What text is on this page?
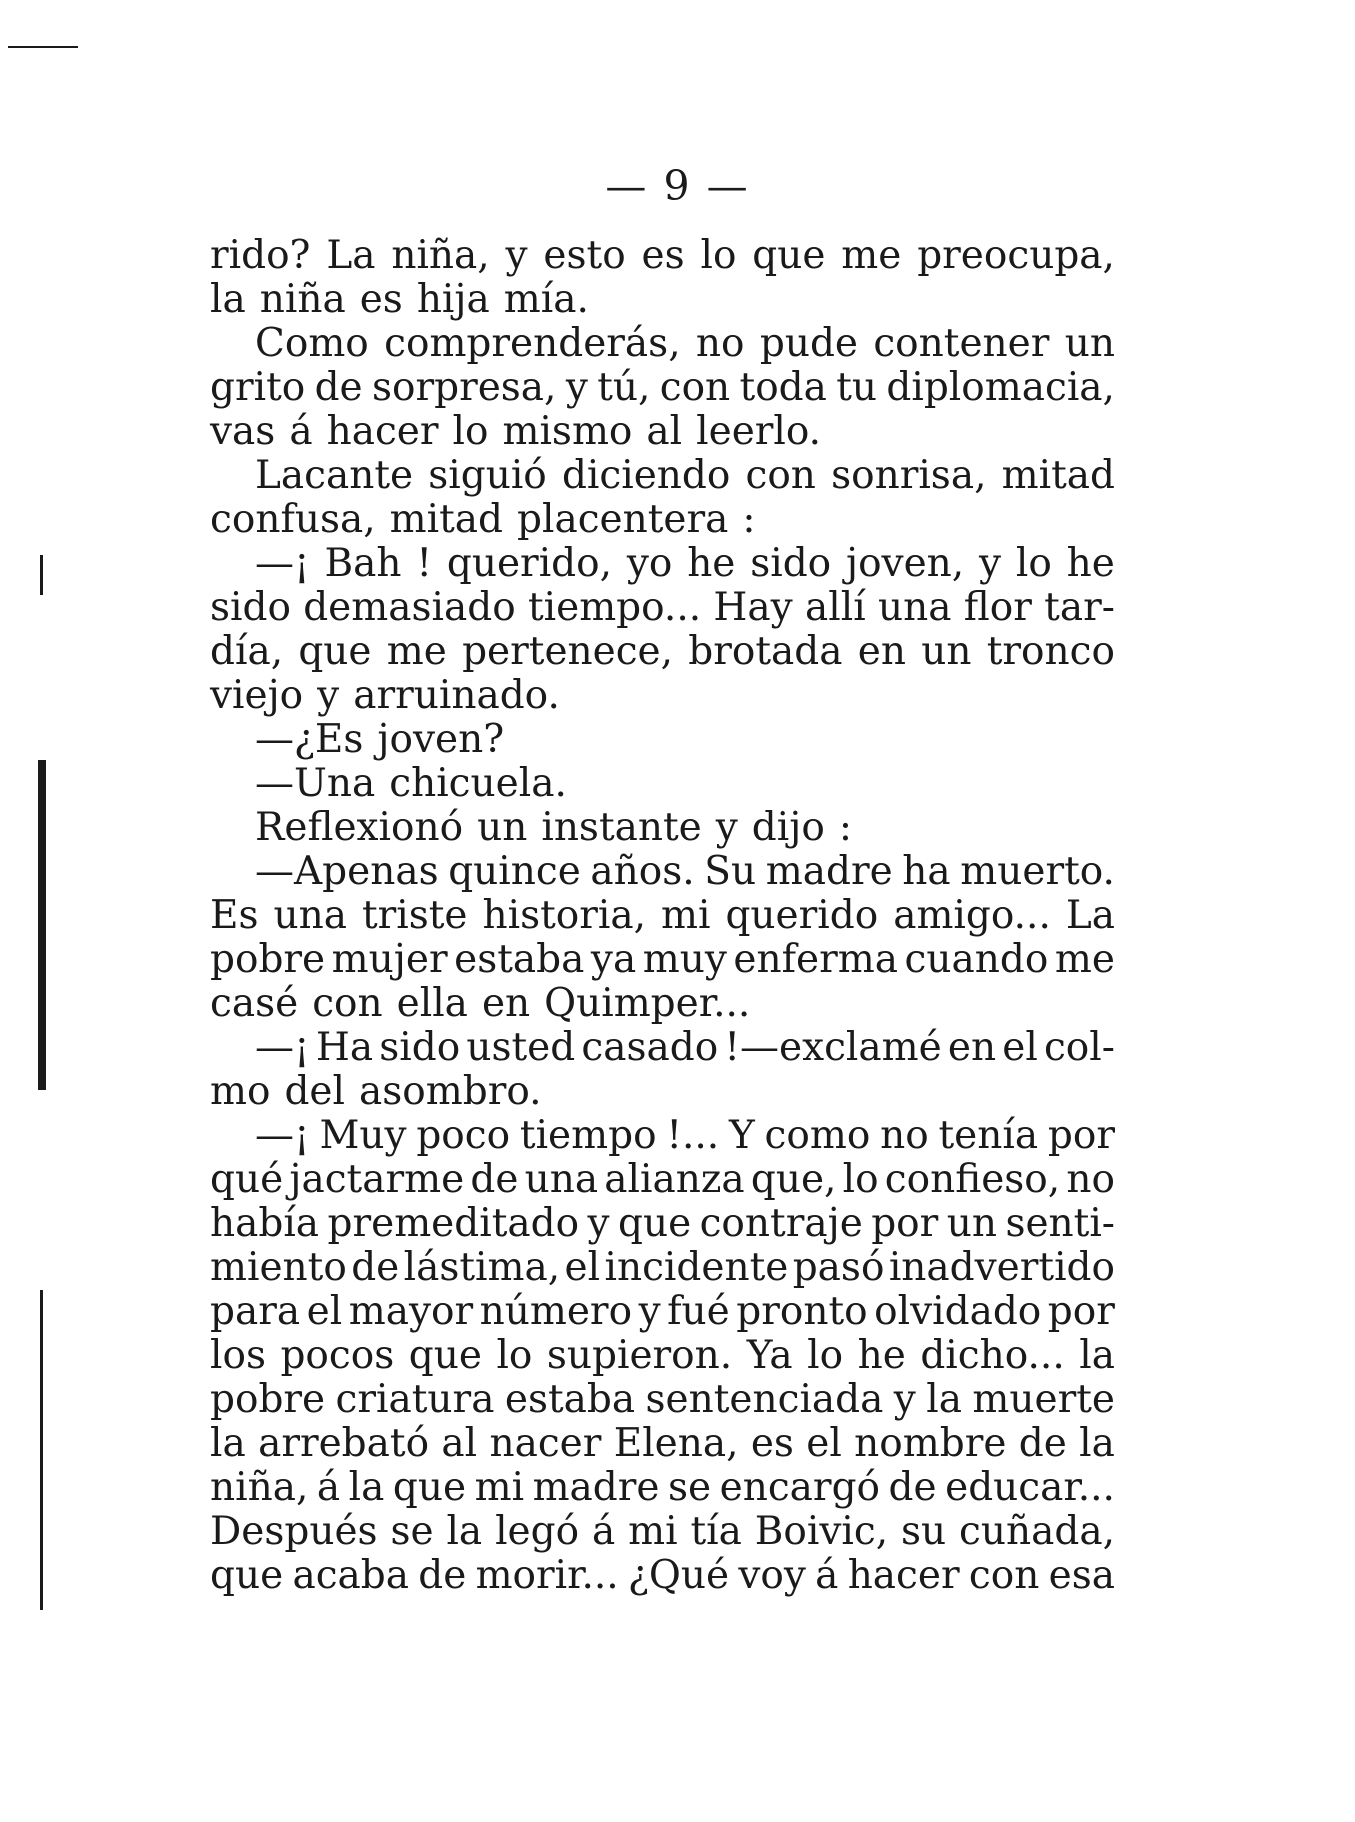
— 9 —
rido? La niña, y esto es lo que me preocupa,
la niña es hija mía.
Como comprenderás, no pude contener un
grito de sorpresa, y tú, con toda tu diplomacia,
vas á hacer lo mismo al leerlo.
Lacante siguió diciendo con sonrisa, mitad
confusa, mitad placentera :
—¡ Bah ! querido, yo he sido joven, y lo he
sido demasiado tiempo... Hay allí una flor tar-
día, que me pertenece, brotada en un tronco
viejo y arruinado.
—¿Es joven?
—Una chicuela.
Reflexionó un instante y dijo :
—Apenas quince años. Su madre ha muerto.
Es una triste historia, mi querido amigo... La
pobre mujer estaba ya muy enferma cuando me
casé con ella en Quimper...
—¡ Ha sido usted casado !—exclamé en el col-
mo del asombro.
—¡ Muy poco tiempo !... Y como no tenía por
qué jactarme de una alianza que, lo confieso, no
había premeditado y que contraje por un senti-
miento de lástima, el incidente pasó inadvertido
para el mayor número y fué pronto olvidado por
los pocos que lo supieron. Ya lo he dicho... la
pobre criatura estaba sentenciada y la muerte
la arrebató al nacer Elena, es el nombre de la
niña, á la que mi madre se encargó de educar...
Después se la legó á mi tía Boivic, su cuñada,
que acaba de morir... ¿Qué voy á hacer con esa
